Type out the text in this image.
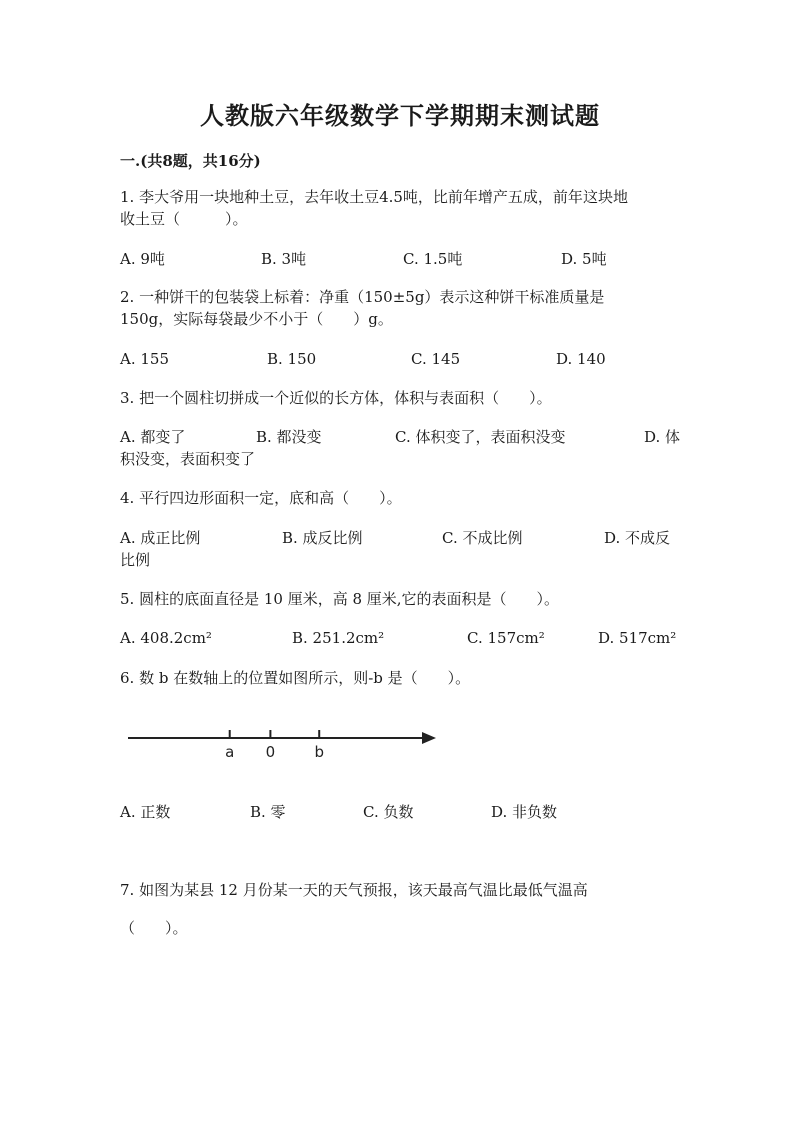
人教版六年级数学下学期期末测试题
一.(共8题，共16分)
1. 李大爷用一块地种土豆，去年收土豆4.5吨，比前年增产五成，前年这块地
收土豆（　　　）。
A. 9吨	B. 3吨	C. 1.5吨	D. 5吨
2. 一种饼干的包装袋上标着：净重（150±5g）表示这种饼干标准质量是
150g，实际每袋最少不小于（　　）g。
A. 155	B. 150	C. 145	D. 140
3. 把一个圆柱切拼成一个近似的长方体，体积与表面积（　　）。
A. 都变了	B. 都没变	C. 体积变了，表面积没变	D. 体
积没变，表面积变了
4. 平行四边形面积一定，底和高（　　）。
A. 成正比例	B. 成反比例	C. 不成比例	D. 不成反
比例
5. 圆柱的底面直径是 10 厘米，高 8 厘米,它的表面积是（　　）。
A. 408.2cm²	B. 251.2cm²	C. 157cm²	D. 517cm²
6. 数 b 在数轴上的位置如图所示，则-b 是（　　）。
a 0	b
A. 正数	B. 零	C. 负数	D. 非负数
7. 如图为某县 12 月份某一天的天气预报，该天最高气温比最低气温高
（　　）。
